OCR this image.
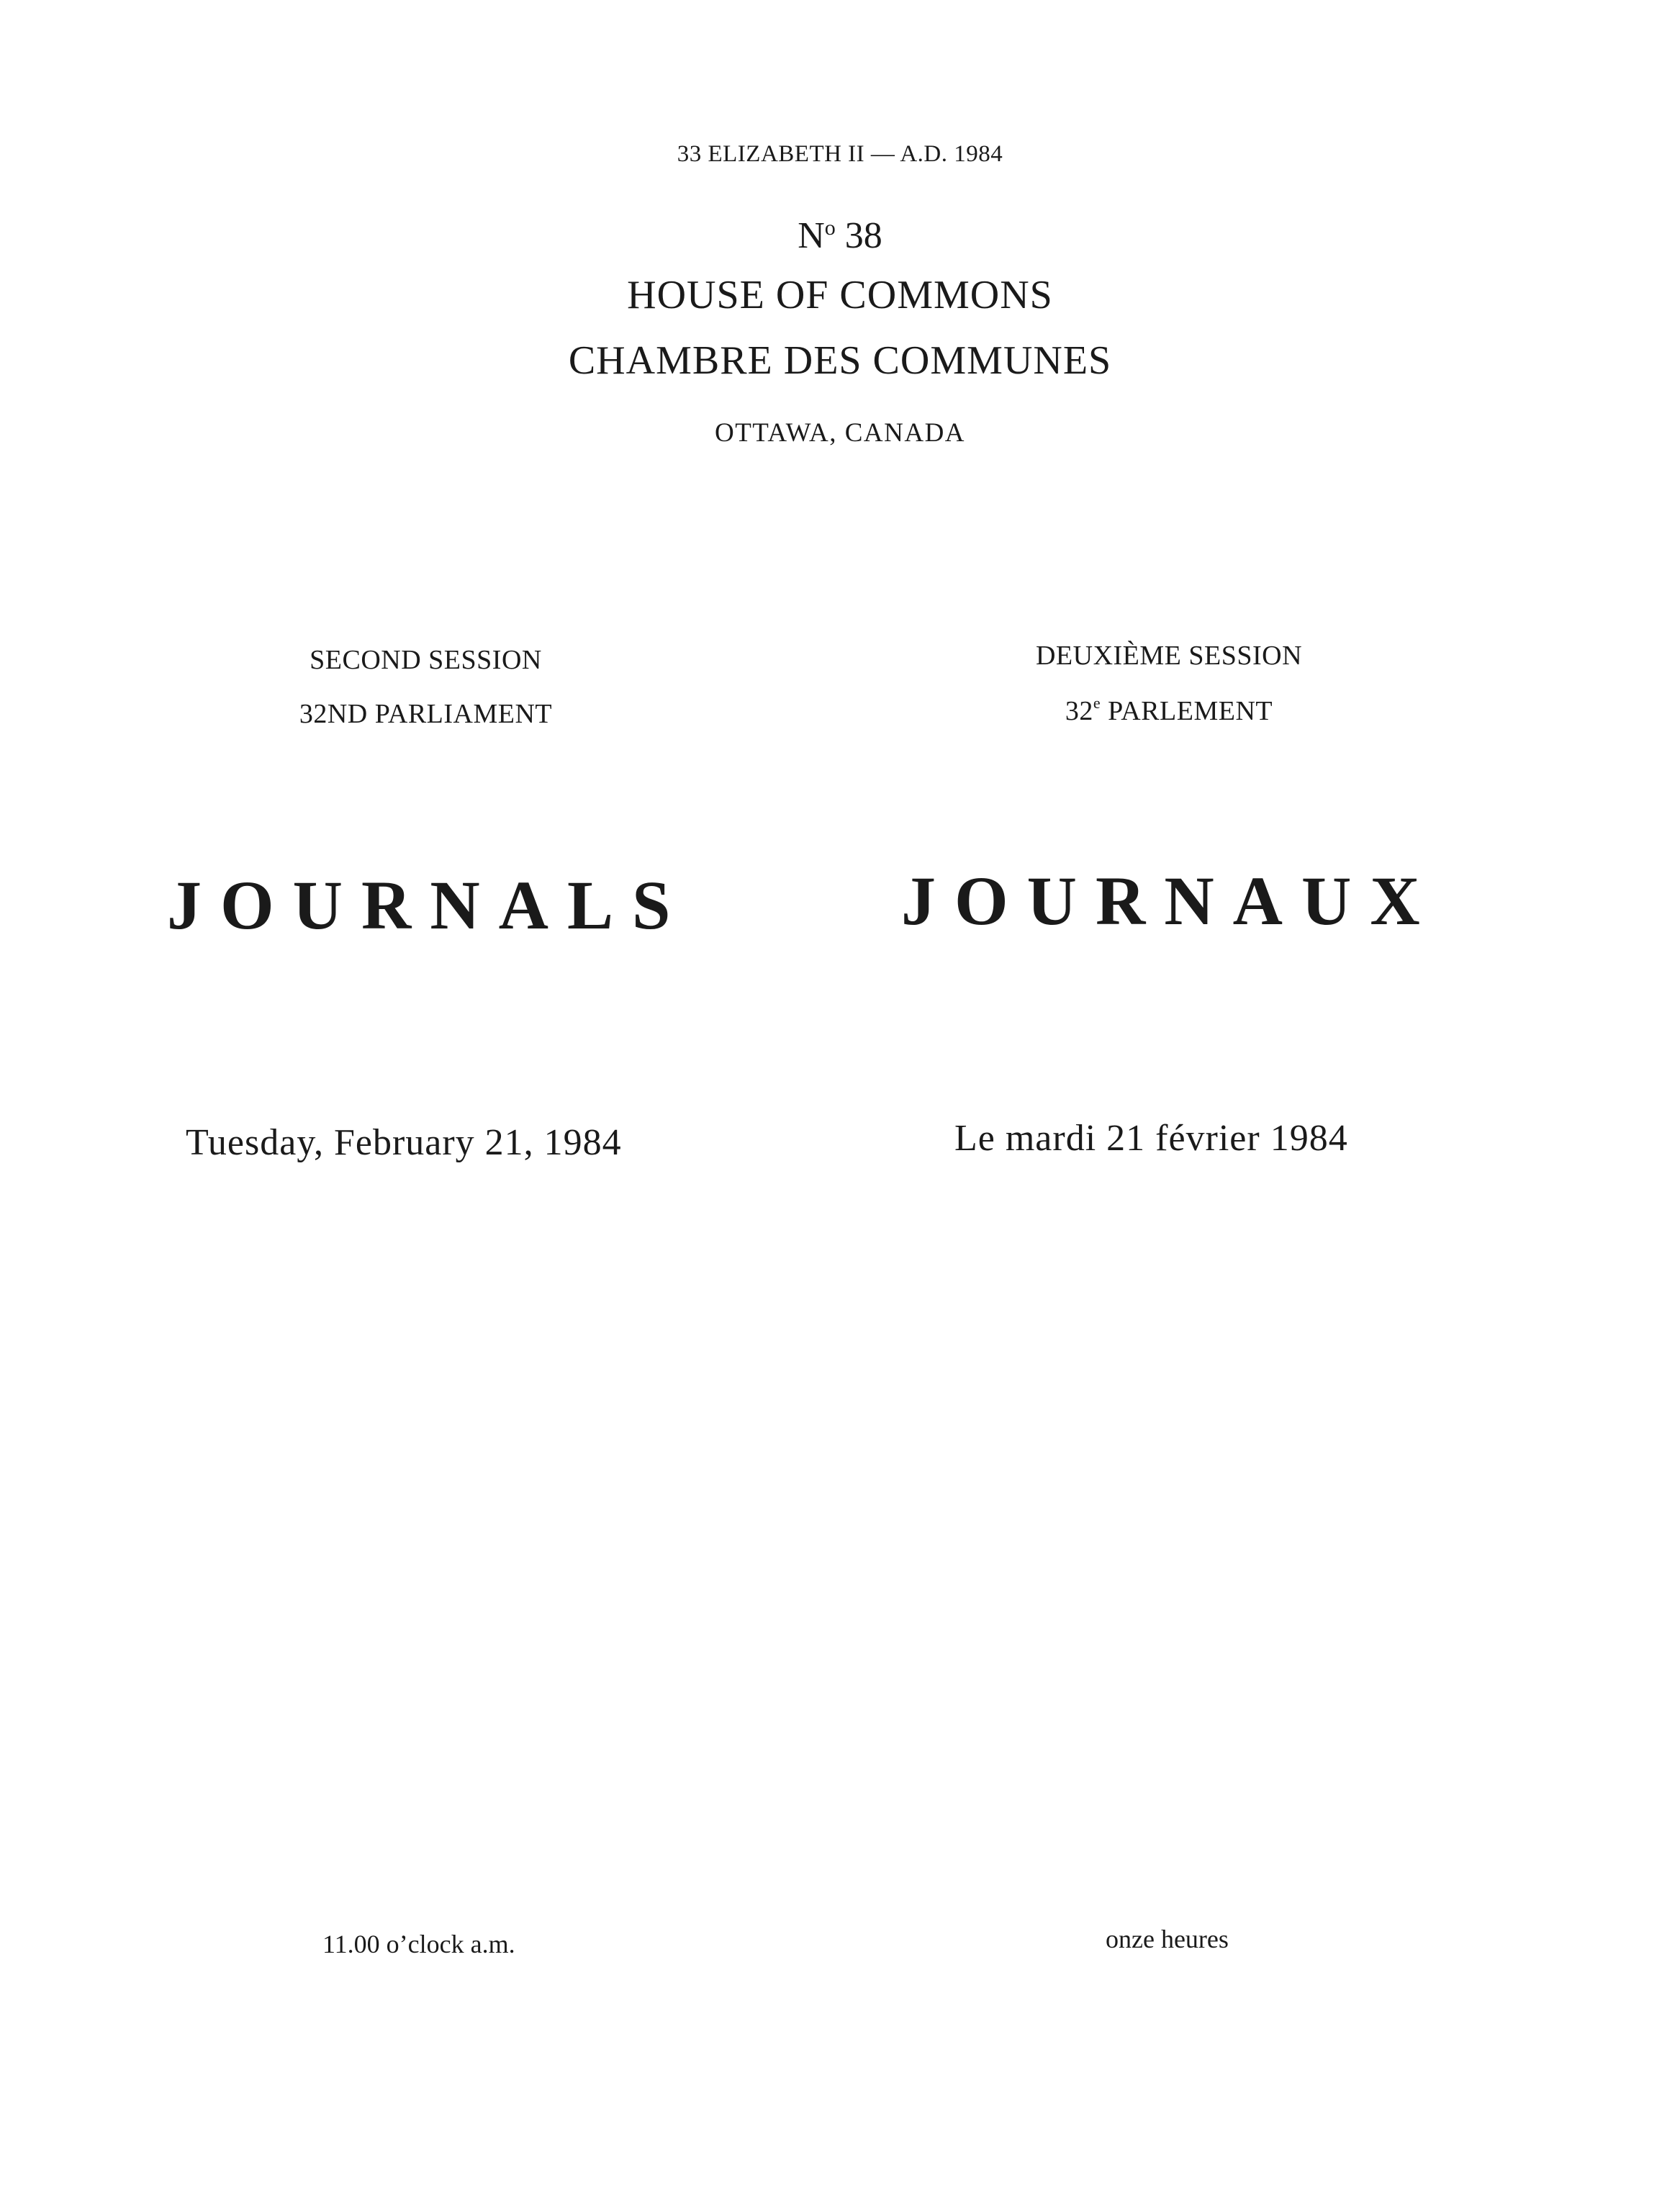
33 ELIZABETH II — A.D. 1984
$N^o$ 38
HOUSE OF COMMONS
CHAMBRE DES COMMUNES
OTTAWA, CANADA
SECOND SESSION
32ND PARLIAMENT
DEUXIÈME SESSION
32e PARLEMENT
JOURNALS	JOURNAUX
Tuesday, February 21, 1984	Le mardi 21 février 1984
11.00 o’clock a.m.	onze heures
